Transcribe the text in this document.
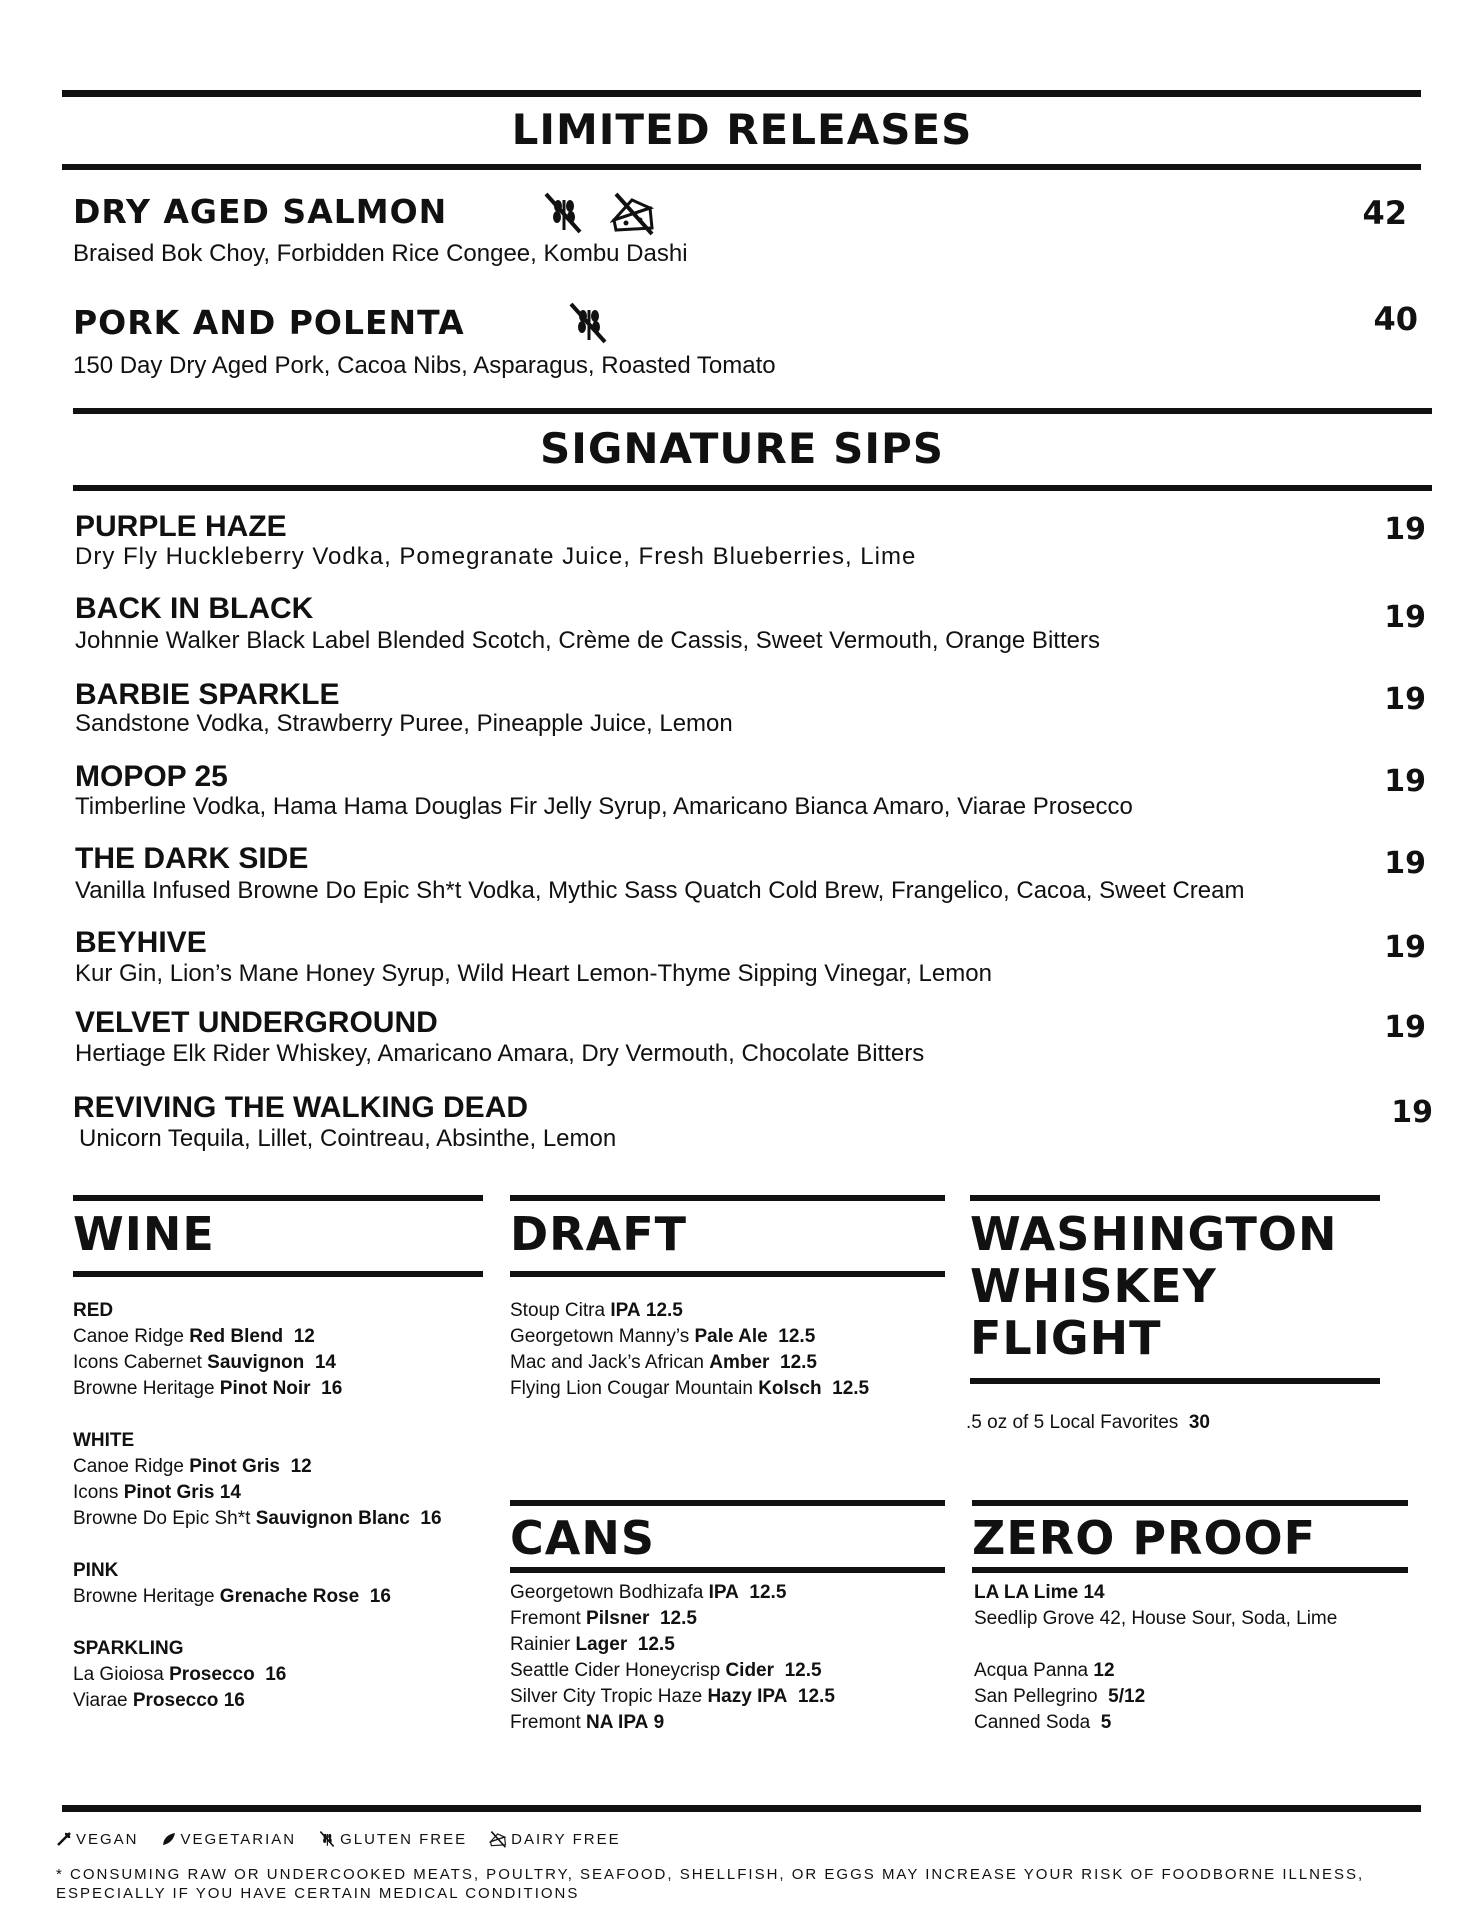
LIMITED RELEASES
DRY AGED SALMON	42
Braised Bok Choy, Forbidden Rice Congee, Kombu Dashi
PORK AND POLENTA	40
150 Day Dry Aged Pork, Cacoa Nibs, Asparagus, Roasted Tomato
SIGNATURE SIPS
PURPLE HAZE
Dry Fly Huckleberry Vodka, Pomegranate Juice, Fresh Blueberries, Lime
19
BACK IN BLACK
Johnnie Walker Black Label Blended Scotch, Crème de Cassis, Sweet Vermouth, Orange Bitters
19
BARBIE SPARKLE
Sandstone Vodka, Strawberry Puree, Pineapple Juice, Lemon
19
MOPOP 25
Timberline Vodka, Hama Hama Douglas Fir Jelly Syrup, Amaricano Bianca Amaro, Viarae Prosecco
19
THE DARK SIDE
Vanilla Infused Browne Do Epic Sh*t Vodka, Mythic Sass Quatch Cold Brew, Frangelico, Cacoa, Sweet Cream
19
BEYHIVE
Kur Gin, Lion’s Mane Honey Syrup, Wild Heart Lemon-Thyme Sipping Vinegar, Lemon
19
VELVET UNDERGROUND
Hertiage Elk Rider Whiskey, Amaricano Amara, Dry Vermouth, Chocolate Bitters
19
REVIVING THE WALKING DEAD
Unicorn Tequila, Lillet, Cointreau, Absinthe, Lemon
19
WINE
RED
Canoe Ridge Red Blend 12
Icons Cabernet Sauvignon 14
Browne Heritage Pinot Noir 16
WHITE
Canoe Ridge Pinot Gris 12
Icons Pinot Gris 14
Browne Do Epic Sh*t Sauvignon Blanc 16
PINK
Browne Heritage Grenache Rose 16
SPARKLING
La Gioiosa Prosecco 16
Viarae Prosecco 16
DRAFT
Stoup Citra IPA 12.5
Georgetown Manny’s Pale Ale 12.5
Mac and Jack’s African Amber 12.5
Flying Lion Cougar Mountain Kolsch 12.5
WASHINGTON
WHISKEY
FLIGHT
.5 oz of 5 Local Favorites 30
CANS
Georgetown Bodhizafa IPA 12.5
Fremont Pilsner 12.5
Rainier Lager 12.5
Seattle Cider Honeycrisp Cider 12.5
Silver City Tropic Haze Hazy IPA 12.5
Fremont NA IPA 9
ZERO PROOF
LA LA Lime 14
Seedlip Grove 42, House Sour, Soda, Lime
Acqua Panna 12
San Pellegrino 5/12
Canned Soda 5
VEGAN	VEGETARIAN	GLUTEN FREE	DAIRY FREE
* CONSUMING RAW OR UNDERCOOKED MEATS, POULTRY, SEAFOOD, SHELLFISH, OR EGGS MAY INCREASE YOUR RISK OF FOODBORNE ILLNESS,
ESPECIALLY IF YOU HAVE CERTAIN MEDICAL CONDITIONS
